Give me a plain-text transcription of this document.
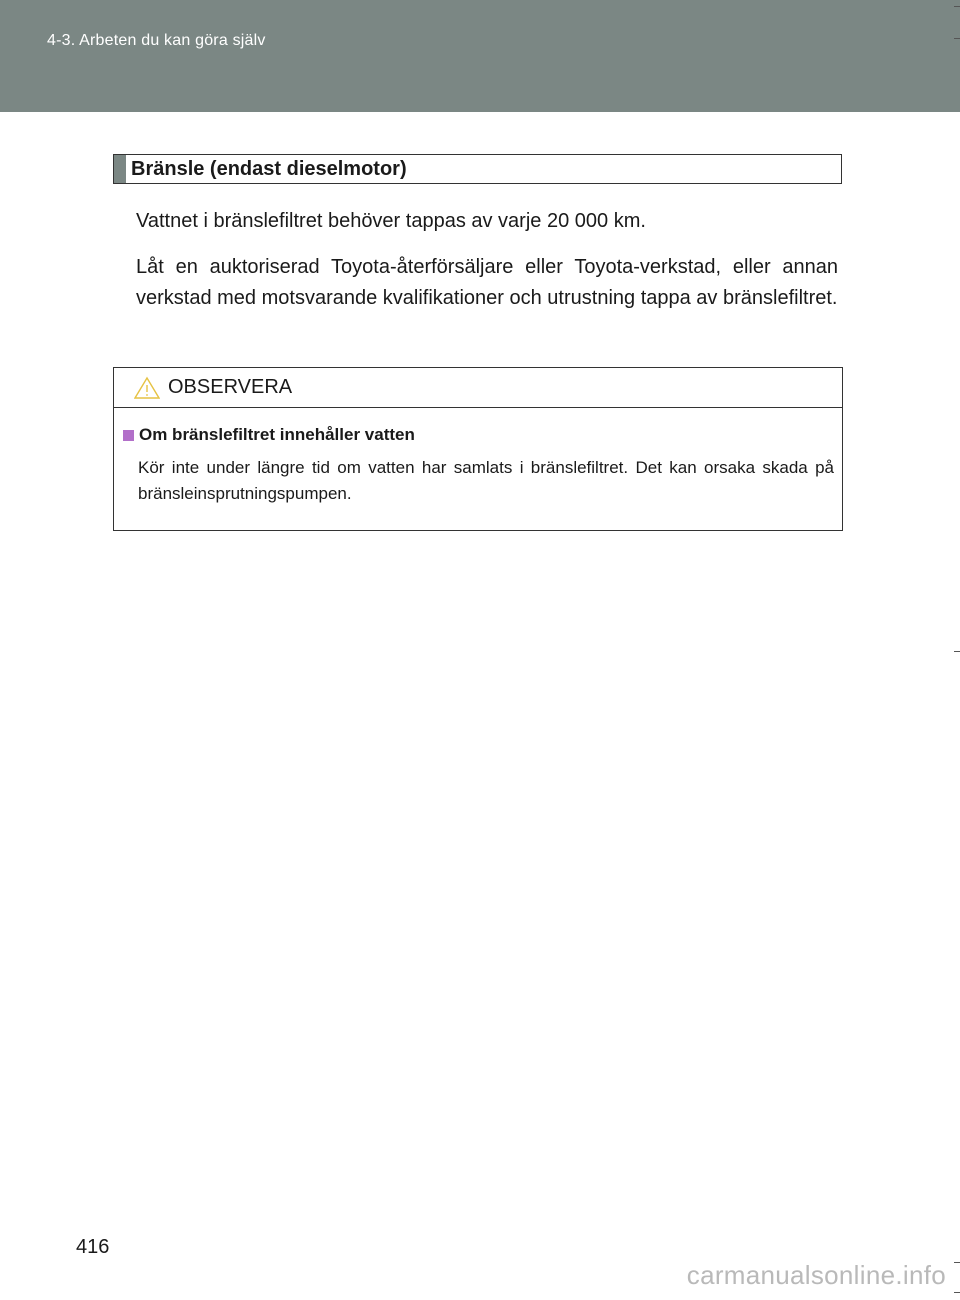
4-3. Arbeten du kan göra själv
Bränsle (endast dieselmotor)

Vattnet i bränslefiltret behöver tappas av varje 20 000 km.

Låt en auktoriserad Toyota-återförsäljare eller Toyota-verkstad, eller annan verkstad med motsvarande kvalifikationer och utrustning tappa av bränslefiltret.

OBSERVERA
Om bränslefiltret innehåller vatten

Kör inte under längre tid om vatten har samlats i bränslefiltret. Det kan orsaka skada på bränsleinsprutningspumpen.

416
carmanualsonline.info
